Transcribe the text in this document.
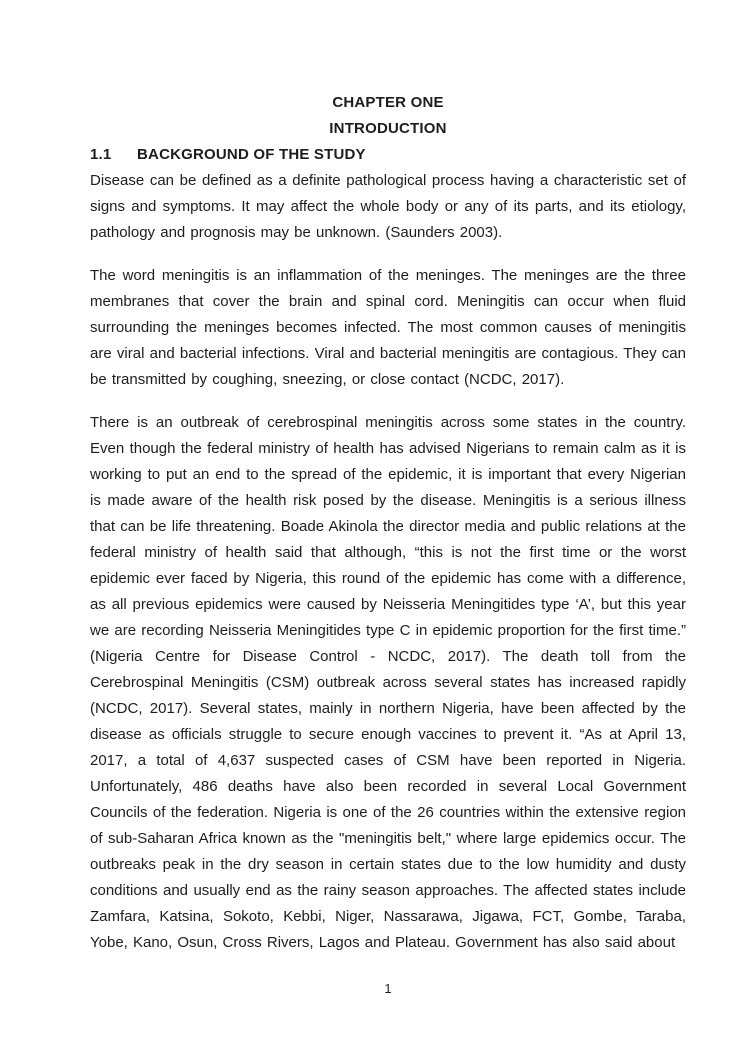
CHAPTER ONE
INTRODUCTION
1.1	BACKGROUND OF THE STUDY
Disease can be defined as a definite pathological process having a characteristic set of signs and symptoms. It may affect the whole body or any of its parts, and its etiology, pathology and prognosis may be unknown. (Saunders 2003).
The word meningitis is an inflammation of the meninges. The meninges are the three membranes that cover the brain and spinal cord. Meningitis can occur when fluid surrounding the meninges becomes infected. The most common causes of meningitis are viral and bacterial infections. Viral and bacterial meningitis are contagious. They can be transmitted by coughing, sneezing, or close contact (NCDC, 2017).
There is an outbreak of cerebrospinal meningitis across some states in the country. Even though the federal ministry of health has advised Nigerians to remain calm as it is working to put an end to the spread of the epidemic, it is important that every Nigerian is made aware of the health risk posed by the disease. Meningitis is a serious illness that can be life threatening. Boade Akinola the director media and public relations at the federal ministry of health said that although, “this is not the first time or the worst epidemic ever faced by Nigeria, this round of the epidemic has come with a difference, as all previous epidemics were caused by Neisseria Meningitides type ‘A’, but this year we are recording Neisseria Meningitides type C in epidemic proportion for the first time.” (Nigeria Centre for Disease Control - NCDC, 2017). The death toll from the Cerebrospinal Meningitis (CSM) outbreak across several states has increased rapidly (NCDC, 2017). Several states, mainly in northern Nigeria, have been affected by the disease as officials struggle to secure enough vaccines to prevent it. “As at April 13, 2017, a total of 4,637 suspected cases of CSM have been reported in Nigeria. Unfortunately, 486 deaths have also been recorded in several Local Government Councils of the federation. Nigeria is one of the 26 countries within the extensive region of sub-Saharan Africa known as the "meningitis belt," where large epidemics occur. The outbreaks peak in the dry season in certain states due to the low humidity and dusty conditions and usually end as the rainy season approaches. The affected states include Zamfara, Katsina, Sokoto, Kebbi, Niger, Nassarawa, Jigawa, FCT, Gombe, Taraba, Yobe, Kano, Osun, Cross Rivers, Lagos and Plateau. Government has also said about
1
